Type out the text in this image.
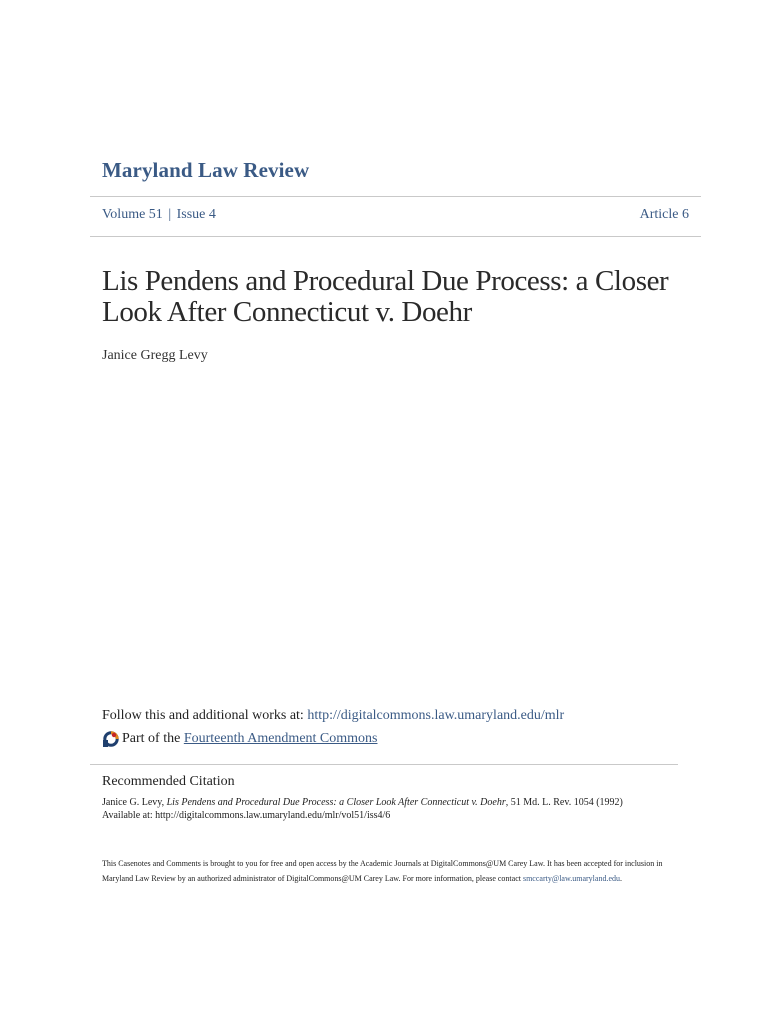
Maryland Law Review
Volume 51 | Issue 4	Article 6
Lis Pendens and Procedural Due Process: a Closer Look After Connecticut v. Doehr
Janice Gregg Levy
Follow this and additional works at: http://digitalcommons.law.umaryland.edu/mlr
Part of the
Fourteenth Amendment Commons
Recommended Citation
Janice G. Levy, Lis Pendens and Procedural Due Process: a Closer Look After Connecticut v. Doehr, 51 Md. L. Rev. 1054 (1992)
Available at: http://digitalcommons.law.umaryland.edu/mlr/vol51/iss4/6
This Casenotes and Comments is brought to you for free and open access by the Academic Journals at DigitalCommons@UM Carey Law. It has been accepted for inclusion in Maryland Law Review by an authorized administrator of DigitalCommons@UM Carey Law. For more information, please contact smccarty@law.umaryland.edu.
